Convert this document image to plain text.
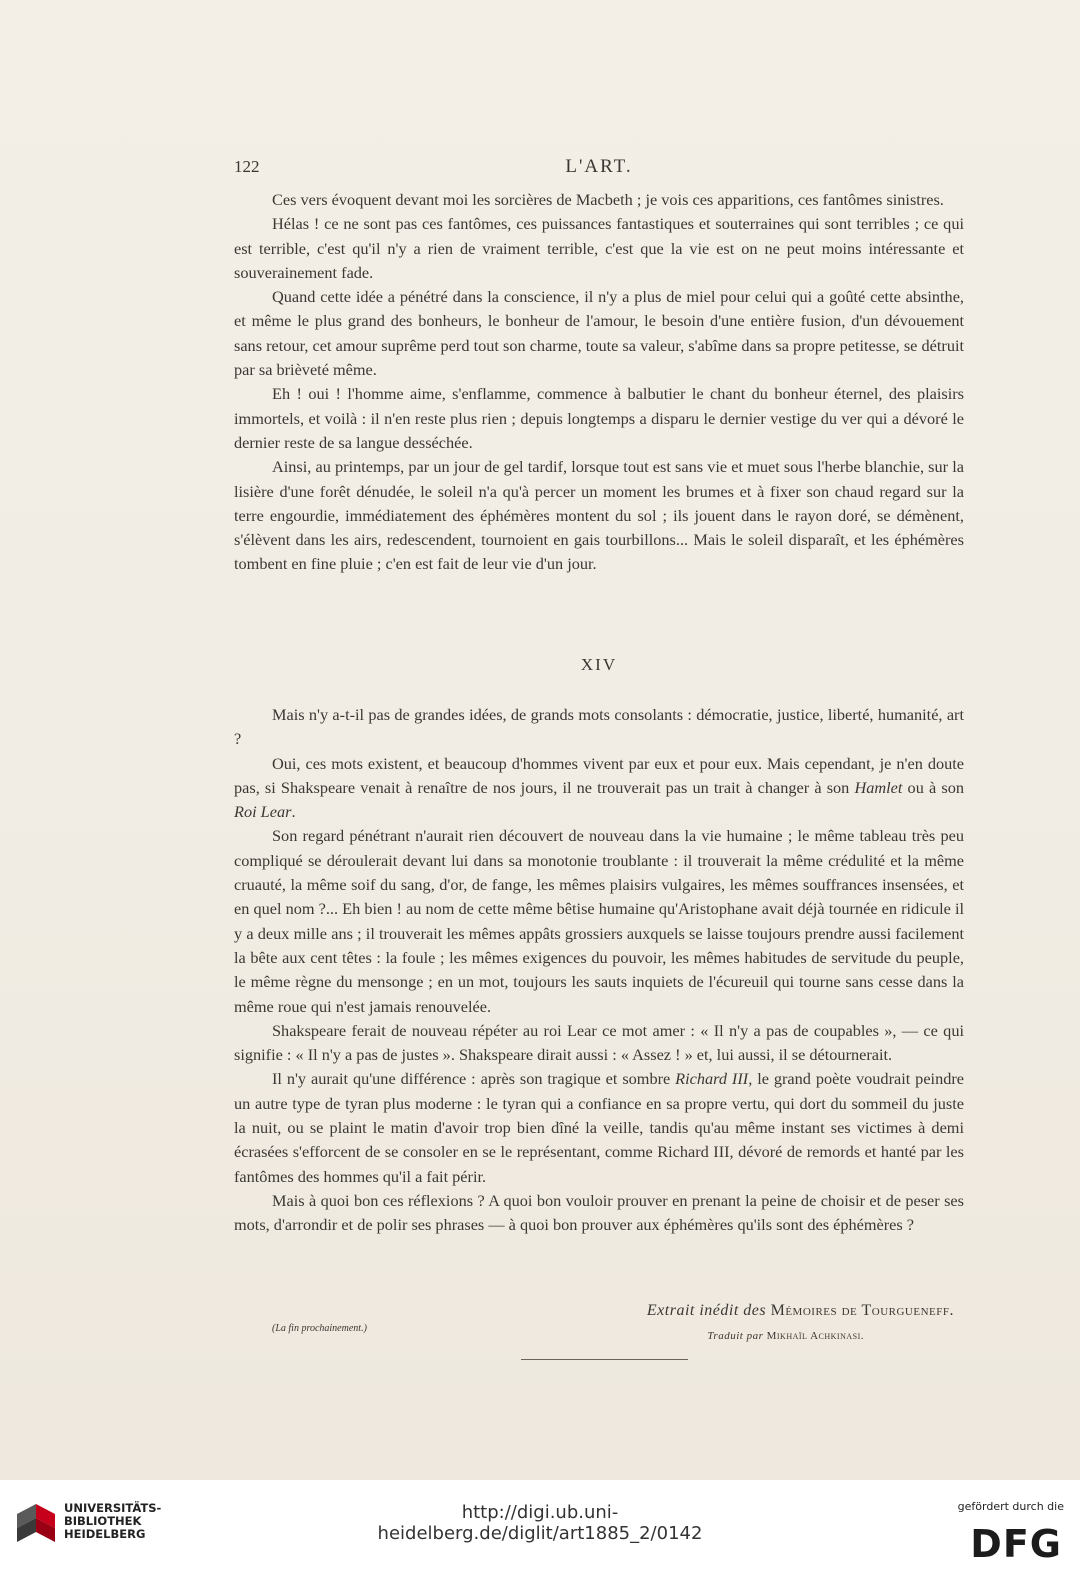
122	L'ART.

Ces vers évoquent devant moi les sorcières de Macbeth ; je vois ces apparitions, ces fantômes sinistres.

Hélas ! ce ne sont pas ces fantômes, ces puissances fantastiques et souterraines qui sont terribles ; ce qui est terrible, c'est qu'il n'y a rien de vraiment terrible, c'est que la vie est on ne peut moins intéressante et souverainement fade.

Quand cette idée a pénétré dans la conscience, il n'y a plus de miel pour celui qui a goûté cette absinthe, et même le plus grand des bonheurs, le bonheur de l'amour, le besoin d'une entière fusion, d'un dévouement sans retour, cet amour suprême perd tout son charme, toute sa valeur, s'abîme dans sa propre petitesse, se détruit par sa brièveté même.

Eh ! oui ! l'homme aime, s'enflamme, commence à balbutier le chant du bonheur éternel, des plaisirs immortels, et voilà : il n'en reste plus rien ; depuis longtemps a disparu le dernier vestige du ver qui a dévoré le dernier reste de sa langue desséchée.

Ainsi, au printemps, par un jour de gel tardif, lorsque tout est sans vie et muet sous l'herbe blanchie, sur la lisière d'une forêt dénudée, le soleil n'a qu'à percer un moment les brumes et à fixer son chaud regard sur la terre engourdie, immédiatement des éphémères montent du sol ; ils jouent dans le rayon doré, se démènent, s'élèvent dans les airs, redescendent, tournoient en gais tourbillons... Mais le soleil disparaît, et les éphémères tombent en fine pluie ; c'en est fait de leur vie d'un jour.

XIV

Mais n'y a-t-il pas de grandes idées, de grands mots consolants : démocratie, justice, liberté, humanité, art ?

Oui, ces mots existent, et beaucoup d'hommes vivent par eux et pour eux. Mais cependant, je n'en doute pas, si Shakspeare venait à renaître de nos jours, il ne trouverait pas un trait à changer à son Hamlet ou à son Roi Lear.

Son regard pénétrant n'aurait rien découvert de nouveau dans la vie humaine ; le même tableau très peu compliqué se déroulerait devant lui dans sa monotonie troublante : il trouverait la même crédulité et la même cruauté, la même soif du sang, d'or, de fange, les mêmes plaisirs vulgaires, les mêmes souffrances insensées, et en quel nom ?... Eh bien ! au nom de cette même bêtise humaine qu'Aristophane avait déjà tournée en ridicule il y a deux mille ans ; il trouverait les mêmes appâts grossiers auxquels se laisse toujours prendre aussi facilement la bête aux cent têtes : la foule ; les mêmes exigences du pouvoir, les mêmes habitudes de servitude du peuple, le même règne du mensonge ; en un mot, toujours les sauts inquiets de l'écureuil qui tourne sans cesse dans la même roue qui n'est jamais renouvelée.

Shakspeare ferait de nouveau répéter au roi Lear ce mot amer : « Il n'y a pas de coupables », — ce qui signifie : « Il n'y a pas de justes ». Shakspeare dirait aussi : « Assez ! » et, lui aussi, il se détournerait.

Il n'y aurait qu'une différence : après son tragique et sombre Richard III, le grand poète voudrait peindre un autre type de tyran plus moderne : le tyran qui a confiance en sa propre vertu, qui dort du sommeil du juste la nuit, ou se plaint le matin d'avoir trop bien dîné la veille, tandis qu'au même instant ses victimes à demi écrasées s'efforcent de se consoler en se le représentant, comme Richard III, dévoré de remords et hanté par les fantômes des hommes qu'il a fait périr.

Mais à quoi bon ces réflexions ? A quoi bon vouloir prouver en prenant la peine de choisir et de peser ses mots, d'arrondir et de polir ses phrases — à quoi bon prouver aux éphémères qu'ils sont des éphémères ?

Extrait inédit des Mémoires de Tourgueneff.
Traduit par Mikhaïl Achkinasi.
(La fin prochainement.)
UNIVERSITÄTS-
BIBLIOTHEK
HEIDELBERG
http://digi.ub.uni-heidelberg.de/diglit/art1885_2/0142
gefördert durch die
DFG
